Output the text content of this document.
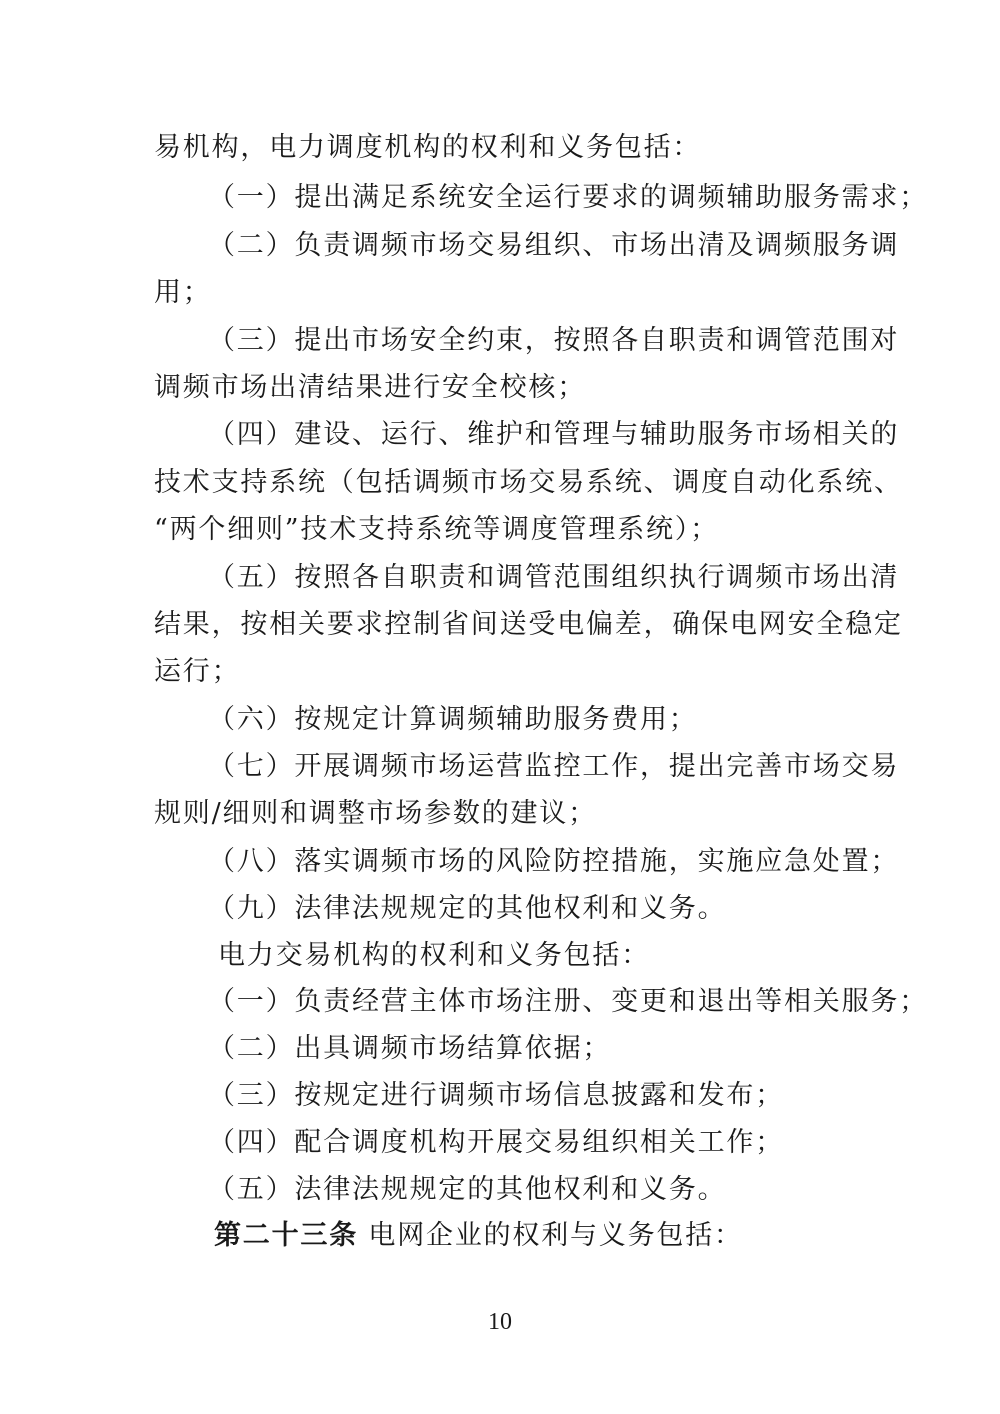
易机构，电力调度机构的权利和义务包括：
（一）提出满足系统安全运行要求的调频辅助服务需求；
（二）负责调频市场交易组织、市场出清及调频服务调
用；
（三）提出市场安全约束，按照各自职责和调管范围对
调频市场出清结果进行安全校核；
（四）建设、运行、维护和管理与辅助服务市场相关的
技术支持系统（包括调频市场交易系统、调度自动化系统、
“两个细则”技术支持系统等调度管理系统）；
（五）按照各自职责和调管范围组织执行调频市场出清
结果，按相关要求控制省间送受电偏差，确保电网安全稳定
运行；
（六）按规定计算调频辅助服务费用；
（七）开展调频市场运营监控工作，提出完善市场交易
规则/细则和调整市场参数的建议；
（八）落实调频市场的风险防控措施，实施应急处置；
（九）法律法规规定的其他权利和义务。
电力交易机构的权利和义务包括：
（一）负责经营主体市场注册、变更和退出等相关服务；
（二）出具调频市场结算依据；
（三）按规定进行调频市场信息披露和发布；
（四）配合调度机构开展交易组织相关工作；
（五）法律法规规定的其他权利和义务。
第二十三条 电网企业的权利与义务包括：
10
